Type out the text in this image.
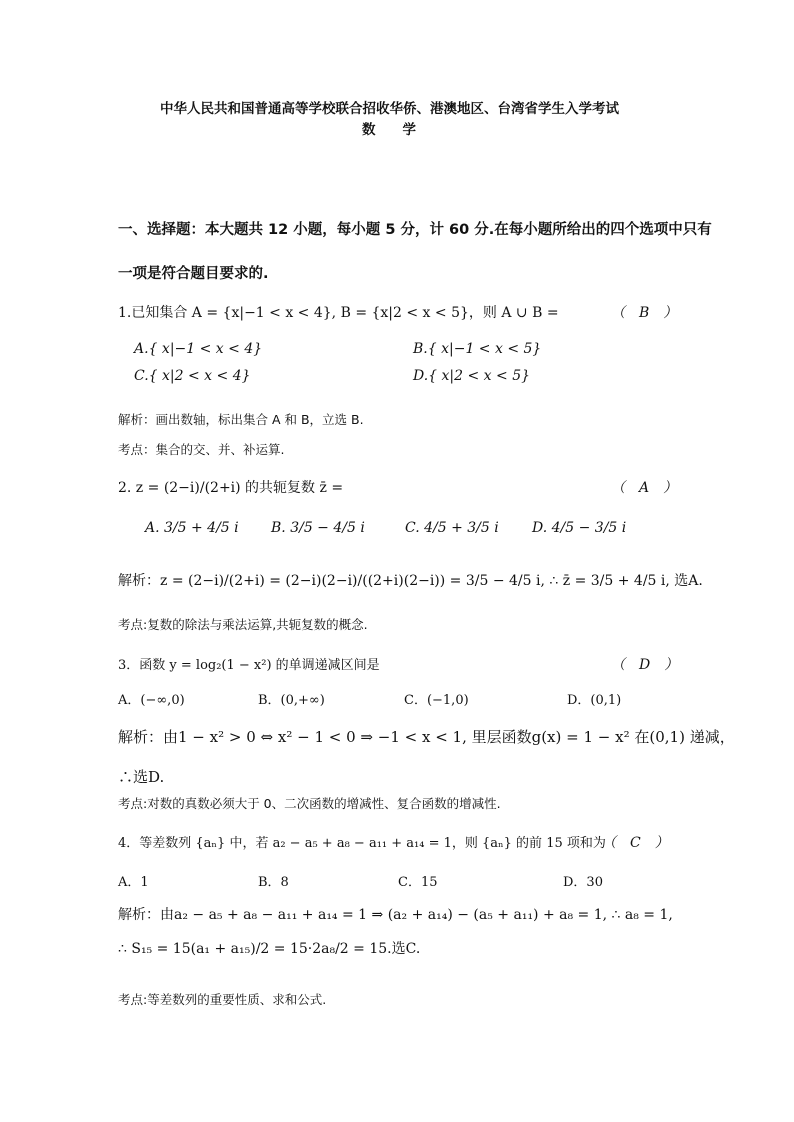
中华人民共和国普通高等学校联合招收华侨、港澳地区、台湾省学生入学考试
数　　学
一、选择题：本大题共 12 小题，每小题 5 分，计 60 分.在每小题所给出的四个选项中只有
一项是符合题目要求的.
1.已知集合 A = {x|−1 < x < 4}, B = {x|2 < x < 5}，则 A ∪ B =	（　B　）
A.{ x|−1 < x < 4}	B.{ x|−1 < x < 5}
C.{ x|2 < x < 4}	D.{ x|2 < x < 5}
解析：画出数轴，标出集合 A 和 B，立选 B.
考点：集合的交、并、补运算.
2. z = (2−i)/(2+i) 的共轭复数 z̄ =	（　A　）
A. 3/5 + 4/5 i B. 3/5 − 4/5 i	C. 4/5 + 3/5 i D. 4/5 − 3/5 i
解析：z = (2−i)/(2+i) = (2−i)(2−i)/((2+i)(2−i)) = 3/5 − 4/5 i, ∴ z̄ = 3/5 + 4/5 i, 选A.
考点:复数的除法与乘法运算,共轭复数的概念.
3．函数 y = log₂(1 − x²) 的单调递减区间是	（　D　）
A．(−∞,0)	B．(0,+∞)	C．(−1,0)	D．(0,1)
解析：由1 − x² > 0 ⇔ x² − 1 < 0 ⇒ −1 < x < 1, 里层函数g(x) = 1 − x² 在(0,1) 递减，
∴选D.
考点:对数的真数必须大于 0、二次函数的增减性、复合函数的增减性.
4．等差数列 {aₙ} 中，若 a₂ − a₅ + a₈ − a₁₁ + a₁₄ = 1，则 {aₙ} 的前 15 项和为
（　C　）
A．1	B．8	C．15	D．30
解析：由a₂ − a₅ + a₈ − a₁₁ + a₁₄ = 1 ⇒ (a₂ + a₁₄) − (a₅ + a₁₁) + a₈ = 1, ∴ a₈ = 1,
∴ S₁₅ = 15(a₁ + a₁₅)/2 = 15·2a₈/2 = 15.选C.
考点:等差数列的重要性质、求和公式.
